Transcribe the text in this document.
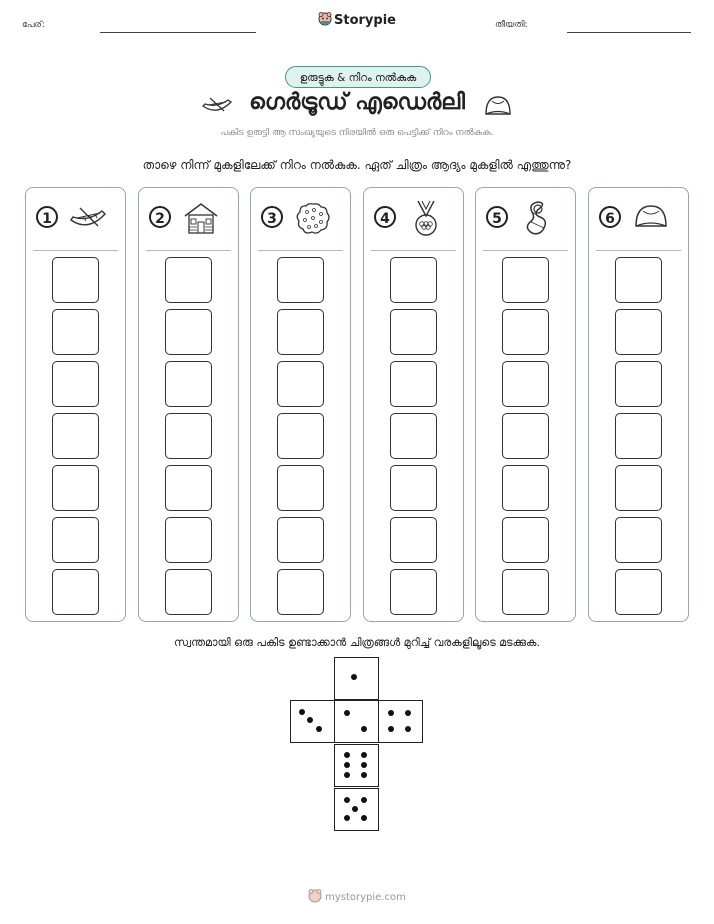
പേര്:	Storypie	തീയതി:
ഉരുട്ടുക & നിറം നൽകുക
ഗെർട്രൂഡ് എഡെർലി
പകിട ഉരുട്ടി ആ സംഖ്യയുടെ നിരയിൽ ഒരു പെട്ടിക്ക് നിറം നൽകുക.
താഴെ നിന്ന് മുകളിലേക്ക് നിറം നൽകുക. ഏത് ചിത്രം ആദ്യം മുകളിൽ എത്തുന്നു?
1	2	3	4	5	6
സ്വന്തമായി ഒരു പകിട ഉണ്ടാക്കാൻ ചിത്രങ്ങൾ മുറിച്ച് വരകളിലൂടെ മടക്കുക.
mystorypie.com
